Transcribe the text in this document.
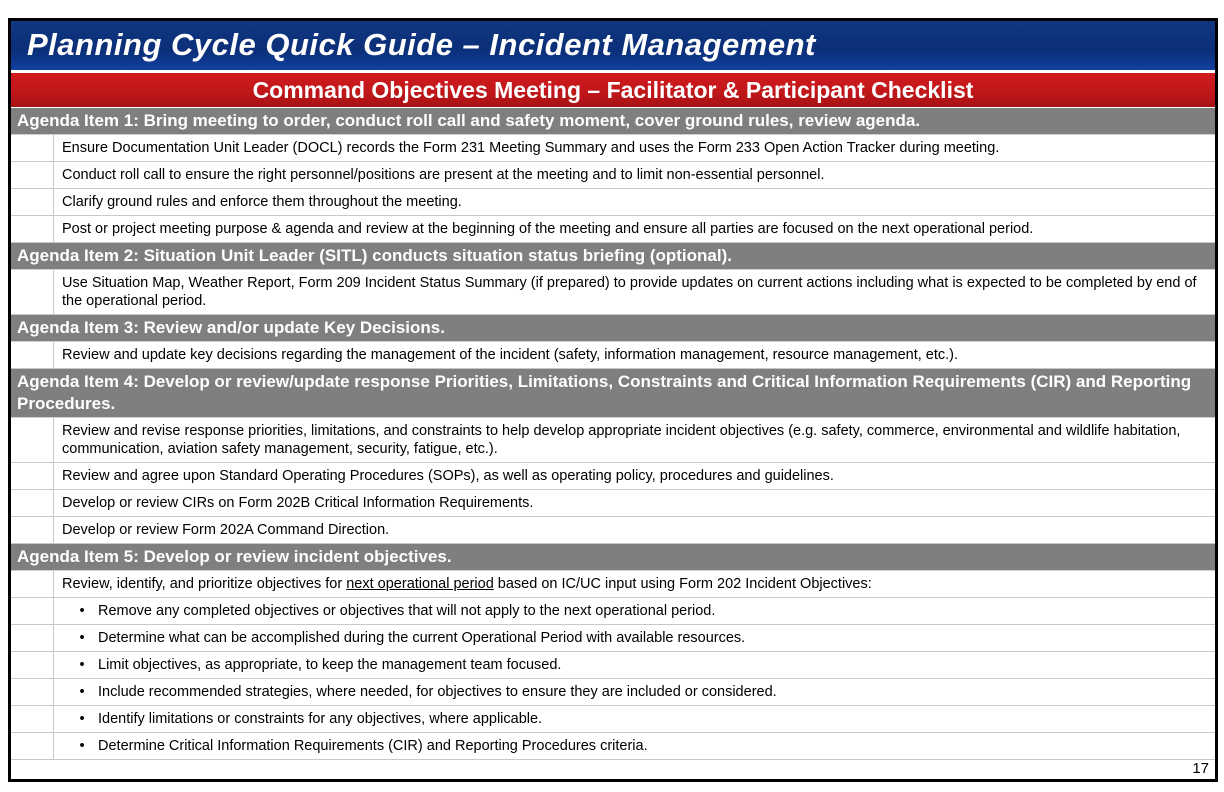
Planning Cycle Quick Guide – Incident Management
Command Objectives Meeting – Facilitator & Participant Checklist
Agenda Item 1: Bring meeting to order, conduct roll call and safety moment, cover ground rules, review agenda.
Ensure Documentation Unit Leader (DOCL) records the Form 231 Meeting Summary and uses the Form 233 Open Action Tracker during meeting.
Conduct roll call to ensure the right personnel/positions are present at the meeting and to limit non-essential personnel.
Clarify ground rules and enforce them throughout the meeting.
Post or project meeting purpose & agenda and review at the beginning of the meeting and ensure all parties are focused on the next operational period.
Agenda Item 2: Situation Unit Leader (SITL) conducts situation status briefing (optional).
Use Situation Map, Weather Report, Form 209 Incident Status Summary (if prepared) to provide updates on current actions including what is expected to be completed by end of the operational period.
Agenda Item 3: Review and/or update Key Decisions.
Review and update key decisions regarding the management of the incident (safety, information management, resource management, etc.).
Agenda Item 4: Develop or review/update response Priorities, Limitations, Constraints and Critical Information Requirements (CIR) and Reporting Procedures.
Review and revise response priorities, limitations, and constraints to help develop appropriate incident objectives (e.g. safety, commerce, environmental and wildlife habitation, communication, aviation safety management, security, fatigue, etc.).
Review and agree upon Standard Operating Procedures (SOPs), as well as operating policy, procedures and guidelines.
Develop or review CIRs on Form 202B Critical Information Requirements.
Develop or review Form 202A Command Direction.
Agenda Item 5: Develop or review incident objectives.
Review, identify, and prioritize objectives for next operational period based on IC/UC input using Form 202 Incident Objectives:
• Remove any completed objectives or objectives that will not apply to the next operational period.
• Determine what can be accomplished during the current Operational Period with available resources.
• Limit objectives, as appropriate, to keep the management team focused.
• Include recommended strategies, where needed, for objectives to ensure they are included or considered.
• Identify limitations or constraints for any objectives, where applicable.
• Determine Critical Information Requirements (CIR) and Reporting Procedures criteria.
17
